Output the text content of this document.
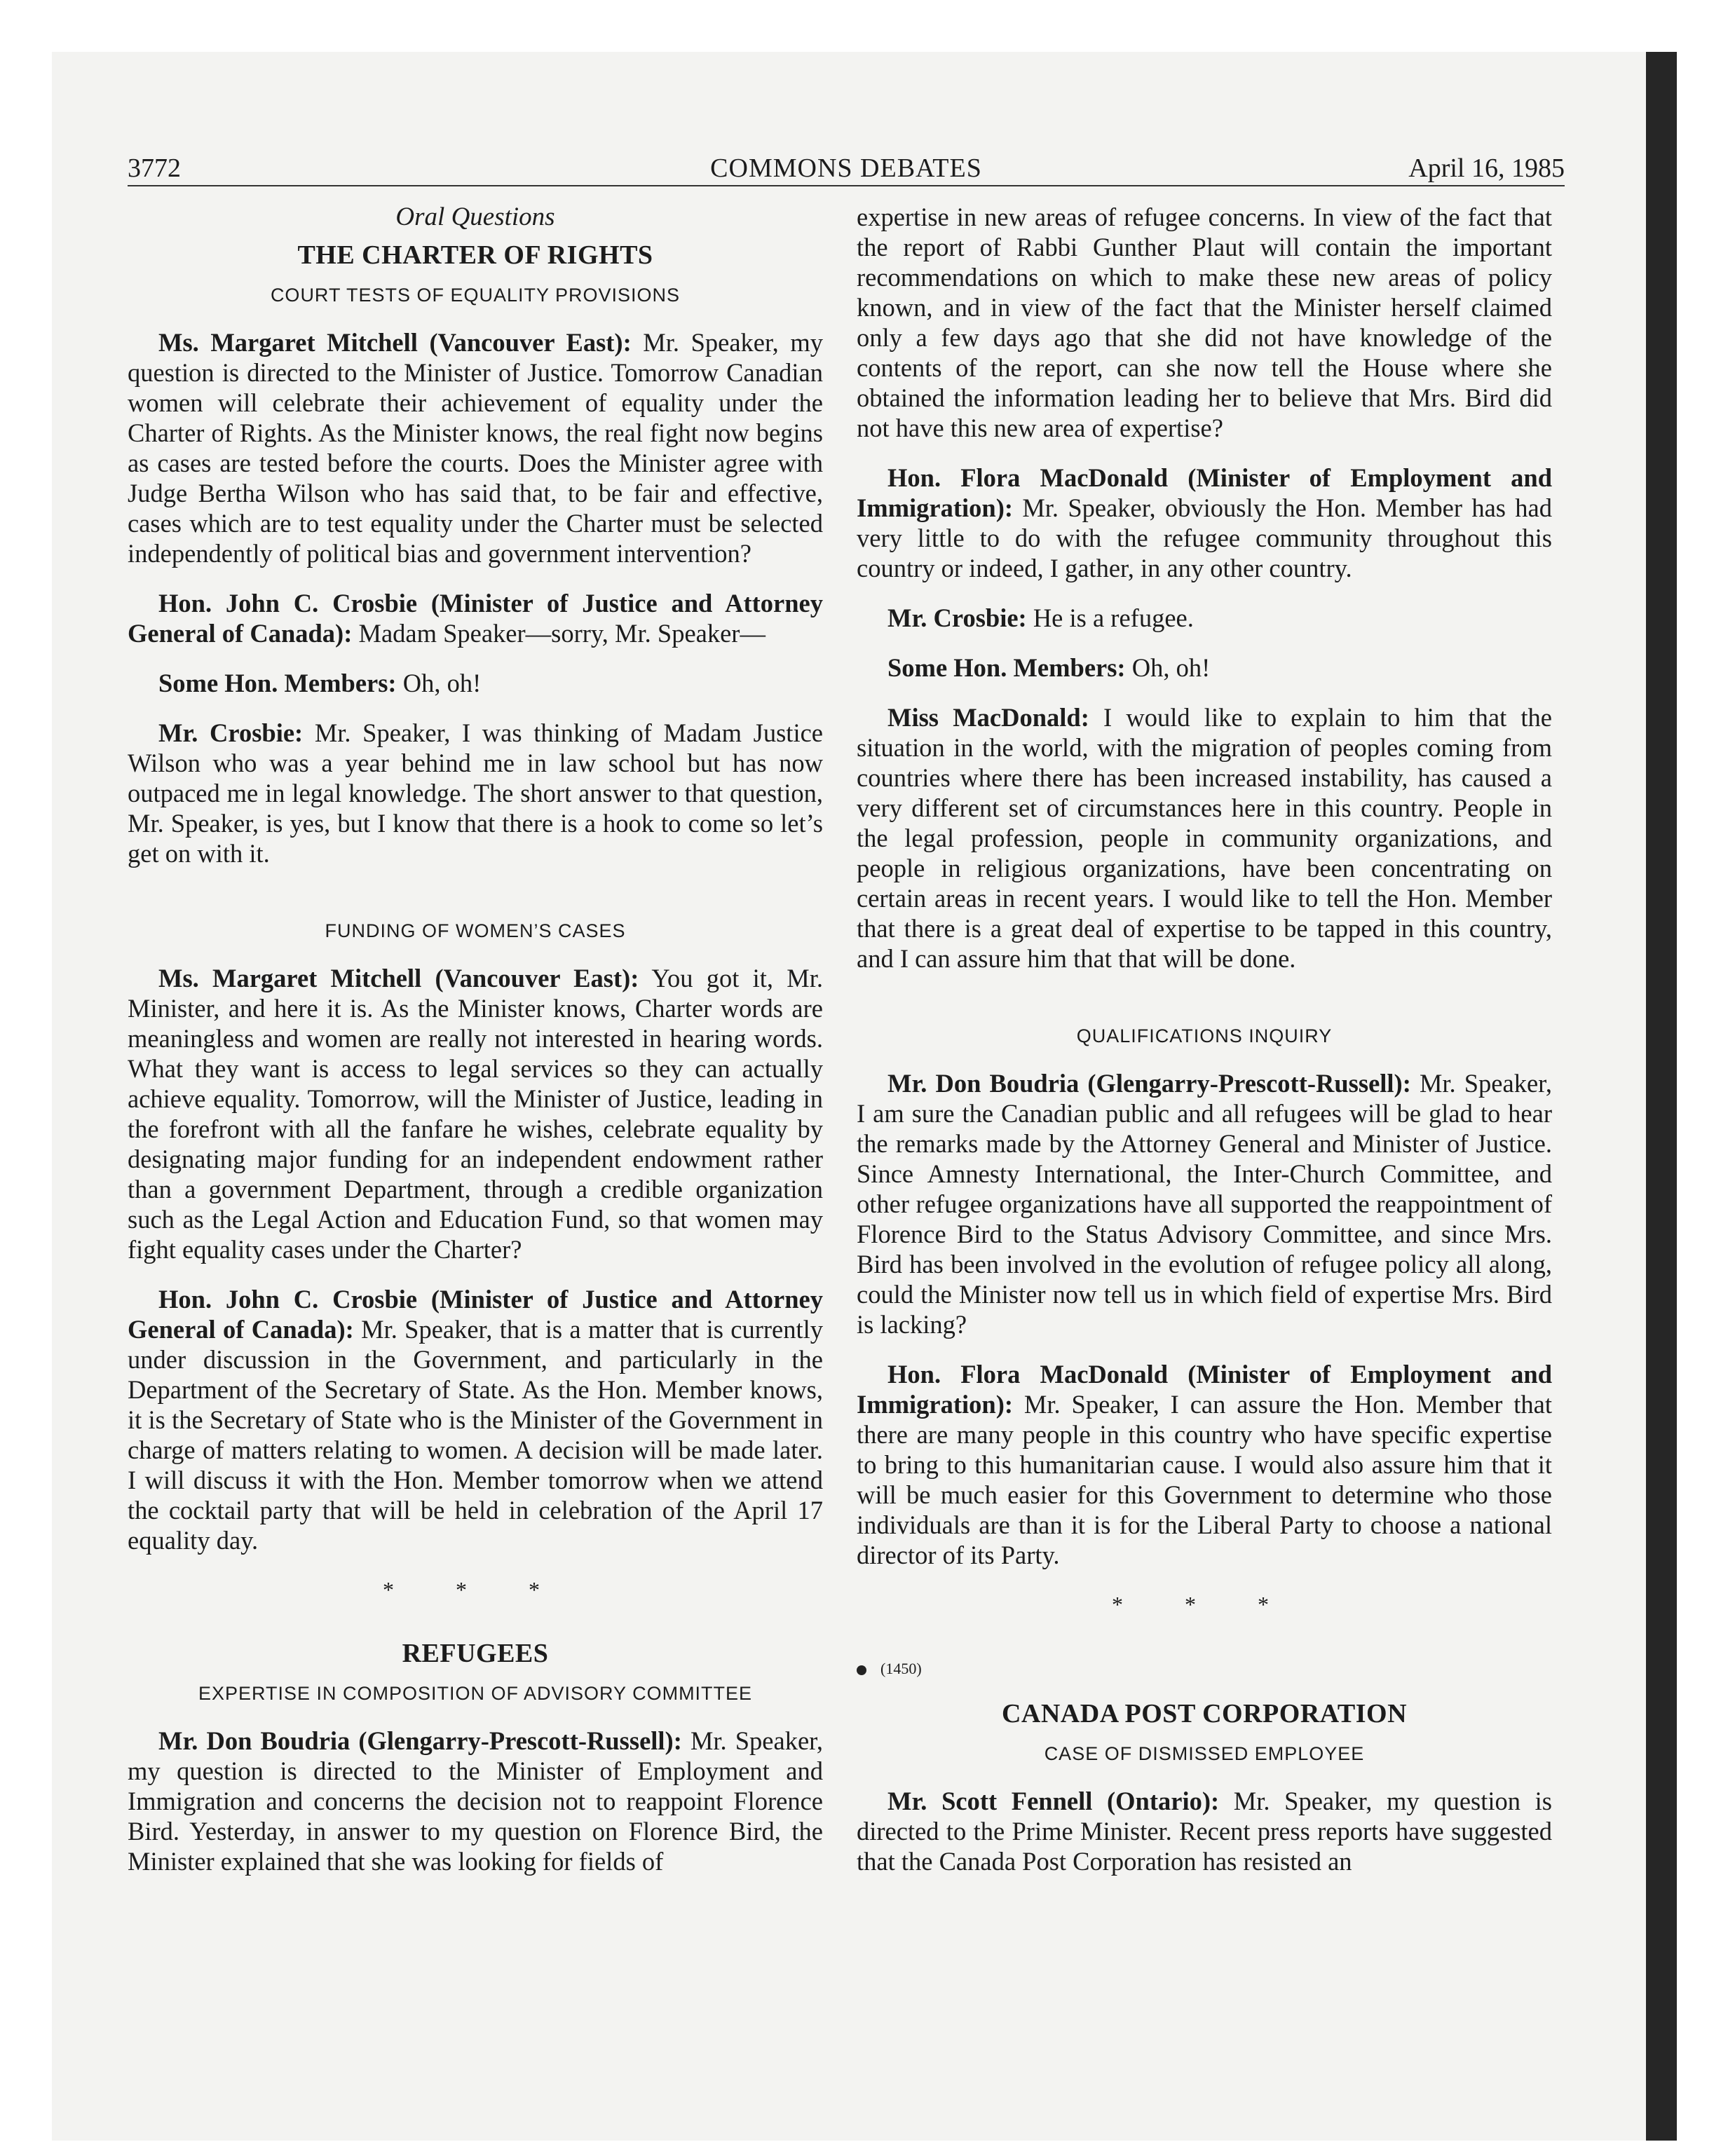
3772	COMMONS DEBATES	April 16, 1985
Oral Questions
THE CHARTER OF RIGHTS
COURT TESTS OF EQUALITY PROVISIONS

Ms. Margaret Mitchell (Vancouver East): Mr. Speaker, my question is directed to the Minister of Justice. Tomorrow Canadian women will celebrate their achievement of equality under the Charter of Rights. As the Minister knows, the real fight now begins as cases are tested before the courts. Does the Minister agree with Judge Bertha Wilson who has said that, to be fair and effective, cases which are to test equality under the Charter must be selected independently of political bias and government intervention?

Hon. John C. Crosbie (Minister of Justice and Attorney General of Canada): Madam Speaker—sorry, Mr. Speaker—

Some Hon. Members: Oh, oh!

Mr. Crosbie: Mr. Speaker, I was thinking of Madam Justice Wilson who was a year behind me in law school but has now outpaced me in legal knowledge. The short answer to that question, Mr. Speaker, is yes, but I know that there is a hook to come so let’s get on with it.

FUNDING OF WOMEN’S CASES

Ms. Margaret Mitchell (Vancouver East): You got it, Mr. Minister, and here it is. As the Minister knows, Charter words are meaningless and women are really not interested in hearing words. What they want is access to legal services so they can actually achieve equality. Tomorrow, will the Minister of Justice, leading in the forefront with all the fanfare he wishes, celebrate equality by designating major funding for an independent endowment rather than a government Department, through a credible organization such as the Legal Action and Education Fund, so that women may fight equality cases under the Charter?

Hon. John C. Crosbie (Minister of Justice and Attorney General of Canada): Mr. Speaker, that is a matter that is currently under discussion in the Government, and particularly in the Department of the Secretary of State. As the Hon. Member knows, it is the Secretary of State who is the Minister of the Government in charge of matters relating to women. A decision will be made later. I will discuss it with the Hon. Member tomorrow when we attend the cocktail party that will be held in celebration of the April 17 equality day.

* * *
REFUGEES
EXPERTISE IN COMPOSITION OF ADVISORY COMMITTEE

Mr. Don Boudria (Glengarry-Prescott-Russell): Mr. Speaker, my question is directed to the Minister of Employment and Immigration and concerns the decision not to reappoint Florence Bird. Yesterday, in answer to my question on Florence Bird, the Minister explained that she was looking for fields of

expertise in new areas of refugee concerns. In view of the fact that the report of Rabbi Gunther Plaut will contain the important recommendations on which to make these new areas of policy known, and in view of the fact that the Minister herself claimed only a few days ago that she did not have knowledge of the contents of the report, can she now tell the House where she obtained the information leading her to believe that Mrs. Bird did not have this new area of expertise?

Hon. Flora MacDonald (Minister of Employment and Immigration): Mr. Speaker, obviously the Hon. Member has had very little to do with the refugee community throughout this country or indeed, I gather, in any other country.

Mr. Crosbie: He is a refugee.

Some Hon. Members: Oh, oh!

Miss MacDonald: I would like to explain to him that the situation in the world, with the migration of peoples coming from countries where there has been increased instability, has caused a very different set of circumstances here in this country. People in the legal profession, people in community organizations, and people in religious organizations, have been concentrating on certain areas in recent years. I would like to tell the Hon. Member that there is a great deal of expertise to be tapped in this country, and I can assure him that that will be done.

QUALIFICATIONS INQUIRY

Mr. Don Boudria (Glengarry-Prescott-Russell): Mr. Speaker, I am sure the Canadian public and all refugees will be glad to hear the remarks made by the Attorney General and Minister of Justice. Since Amnesty International, the Inter-Church Committee, and other refugee organizations have all supported the reappointment of Florence Bird to the Status Advisory Committee, and since Mrs. Bird has been involved in the evolution of refugee policy all along, could the Minister now tell us in which field of expertise Mrs. Bird is lacking?

Hon. Flora MacDonald (Minister of Employment and Immigration): Mr. Speaker, I can assure the Hon. Member that there are many people in this country who have specific expertise to bring to this humanitarian cause. I would also assure him that it will be much easier for this Government to determine who those individuals are than it is for the Liberal Party to choose a national director of its Party.

* * *
(1450)
CANADA POST CORPORATION
CASE OF DISMISSED EMPLOYEE

Mr. Scott Fennell (Ontario): Mr. Speaker, my question is directed to the Prime Minister. Recent press reports have suggested that the Canada Post Corporation has resisted an
